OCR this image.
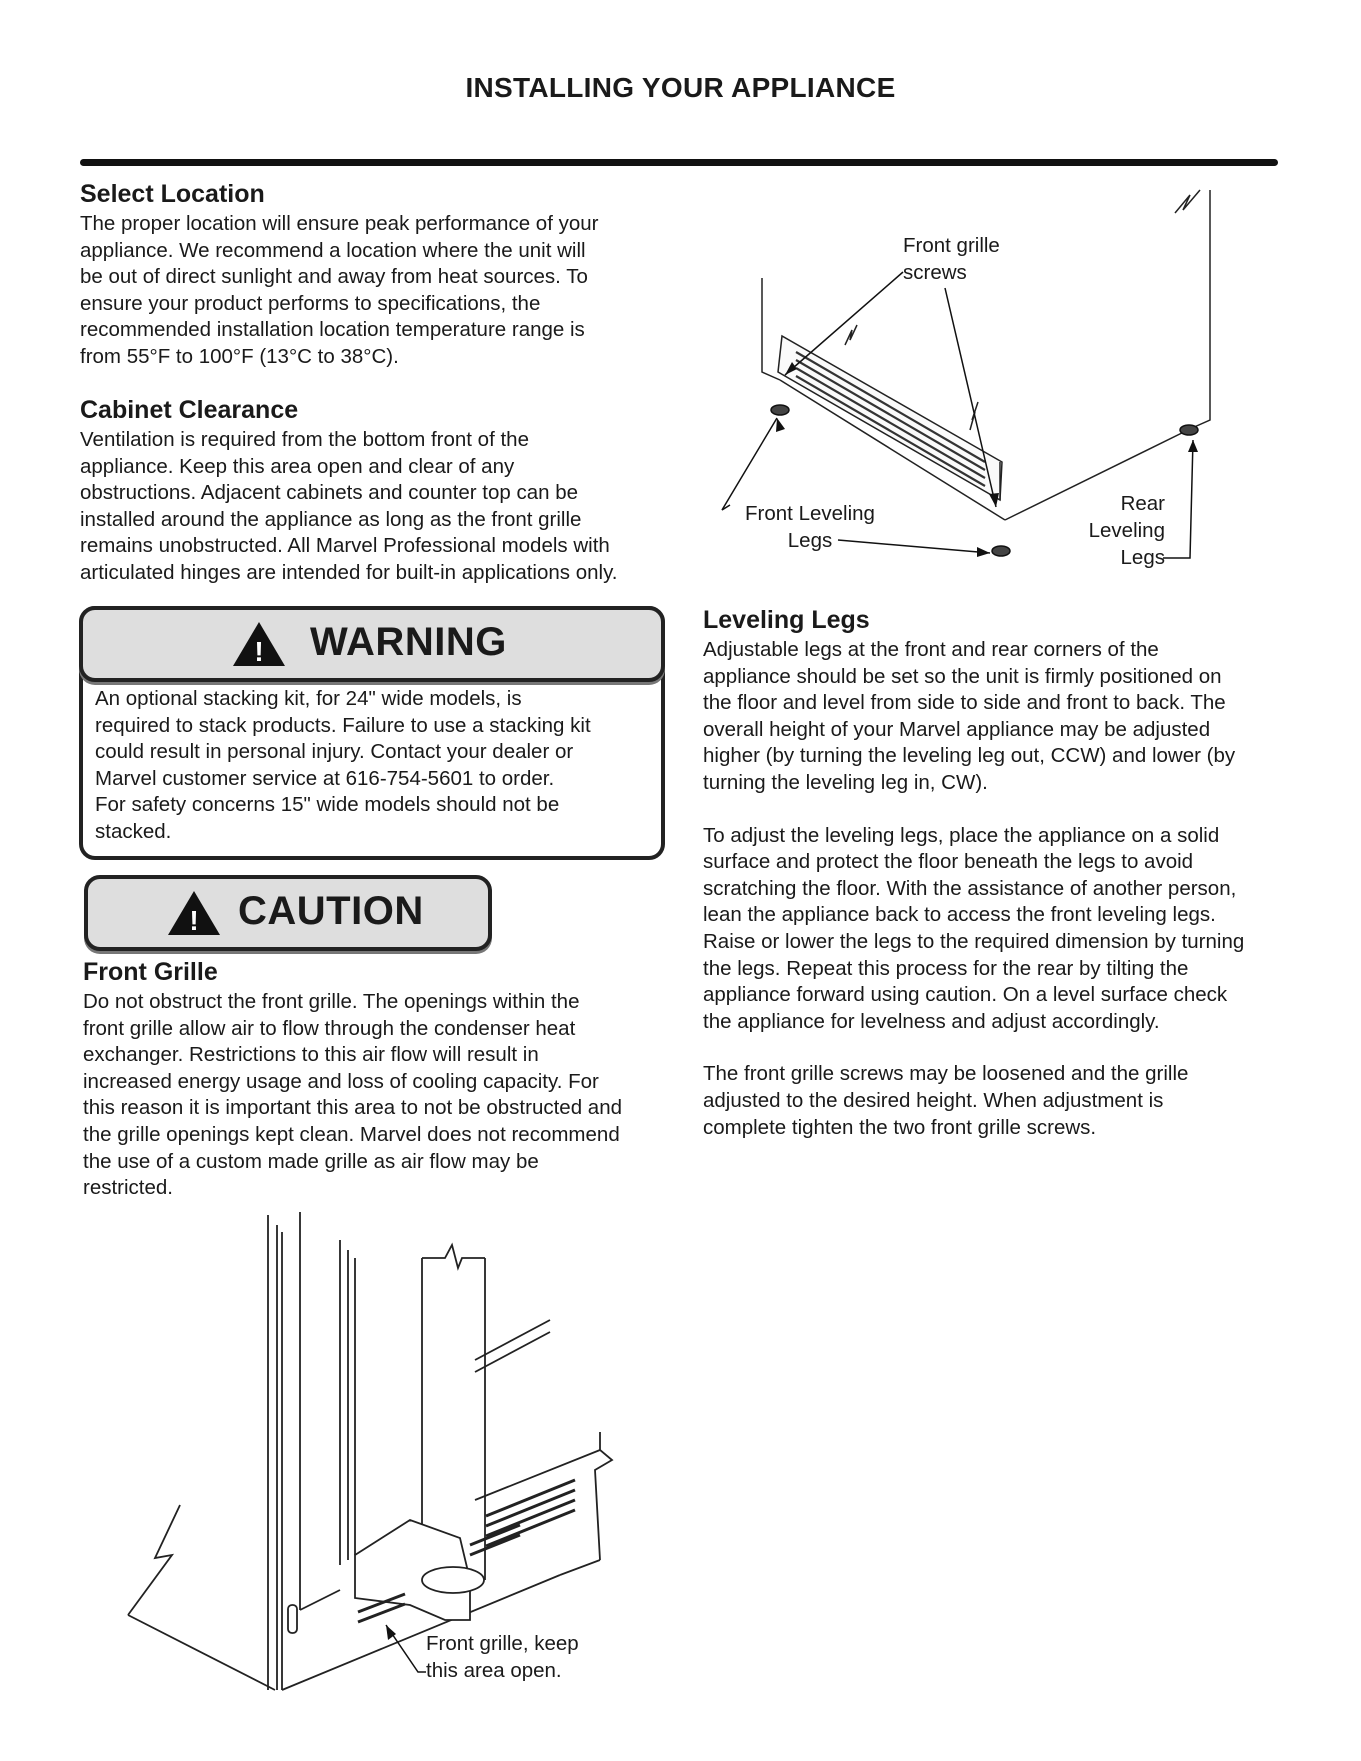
INSTALLING YOUR APPLIANCE
Select Location
The proper location will ensure peak performance of your
appliance. We recommend a location where the unit will
be out of direct sunlight and away from heat sources. To
ensure your product performs to specifications, the
recommended installation location temperature range is
from 55°F to 100°F (13°C to 38°C).
Cabinet Clearance
Ventilation is required from the bottom front of the
appliance. Keep this area open and clear of any
obstructions. Adjacent cabinets and counter top can be
installed around the appliance as long as the front grille
remains unobstructed. All Marvel Professional models with
articulated hinges are intended for built-in applications only.
! WARNING
An optional stacking kit, for 24" wide models, is
required to stack products. Failure to use a stacking kit
could result in personal injury. Contact your dealer or
Marvel customer service at 616-754-5601 to order.
For safety concerns 15" wide models should not be
stacked.
! CAUTION
Front Grille
Do not obstruct the front grille. The openings within the
front grille allow air to flow through the condenser heat
exchanger. Restrictions to this air flow will result in
increased energy usage and loss of cooling capacity. For
this reason it is important this area to not be obstructed and
the grille openings kept clean. Marvel does not recommend
the use of a custom made grille as air flow may be
restricted.
Leveling Legs
Adjustable legs at the front and rear corners of the
appliance should be set so the unit is firmly positioned on
the floor and level from side to side and front to back. The
overall height of your Marvel appliance may be adjusted
higher (by turning the leveling leg out, CCW) and lower (by
turning the leveling leg in, CW).
To adjust the leveling legs, place the appliance on a solid
surface and protect the floor beneath the legs to avoid
scratching the floor. With the assistance of another person,
lean the appliance back to access the front leveling legs.
Raise or lower the legs to the required dimension by turning
the legs. Repeat this process for the rear by tilting the
appliance forward using caution. On a level surface check
the appliance for levelness and adjust accordingly.
The front grille screws may be loosened and the grille
adjusted to the desired height. When adjustment is
complete tighten the two front grille screws.
Front grille
screws
Front Leveling
Legs
Rear
Leveling
Legs
Front grille, keep
this area open.
